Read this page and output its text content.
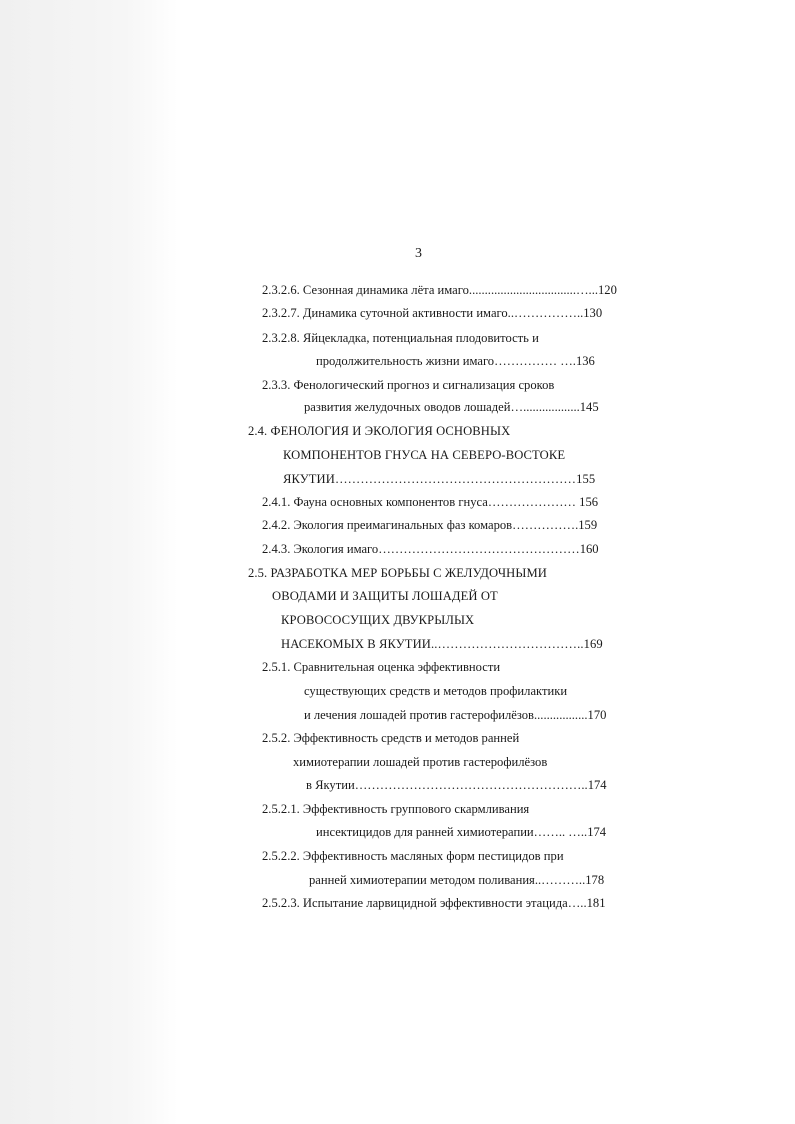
3
2.3.2.6. Сезонная динамика лёта имаго..................................…...120
2.3.2.7. Динамика суточной активности имаго..……………..130
2.3.2.8. Яйцекладка, потенциальная плодовитость и
продолжительность жизни имаго…………… ….136
2.3.3. Фенологический прогноз и сигнализация сроков
развития желудочных оводов лошадей…..................145
2.4. ФЕНОЛОГИЯ И ЭКОЛОГИЯ ОСНОВНЫХ
КОМПОНЕНТОВ ГНУСА НА СЕВЕРО-ВОСТОКЕ
ЯКУТИИ…………………………………………………155
2.4.1. Фауна основных компонентов гнуса………………… 156
2.4.2. Экология преимагинальных фаз комаров…………….159
2.4.3. Экология имаго…………………………………………160
2.5. РАЗРАБОТКА МЕР БОРЬБЫ С ЖЕЛУДОЧНЫМИ
ОВОДАМИ И ЗАЩИТЫ ЛОШАДЕЙ ОТ
КРОВОСОСУЩИХ ДВУКРЫЛЫХ
НАСЕКОМЫХ В ЯКУТИИ..……………………………..169
2.5.1. Сравнительная оценка эффективности
существующих средств и методов профилактики
и лечения лошадей против гастерофилёзов.................170
2.5.2. Эффективность средств и методов ранней
химиотерапии лошадей против гастерофилёзов
в Якутии………………………………………………..174
2.5.2.1. Эффективность группового скармливания
инсектицидов для ранней химиотерапии…….. …..174
2.5.2.2. Эффективность масляных форм пестицидов при
ранней химиотерапии методом поливания..………..178
2.5.2.3. Испытание ларвицидной эффективности этацида…..181
